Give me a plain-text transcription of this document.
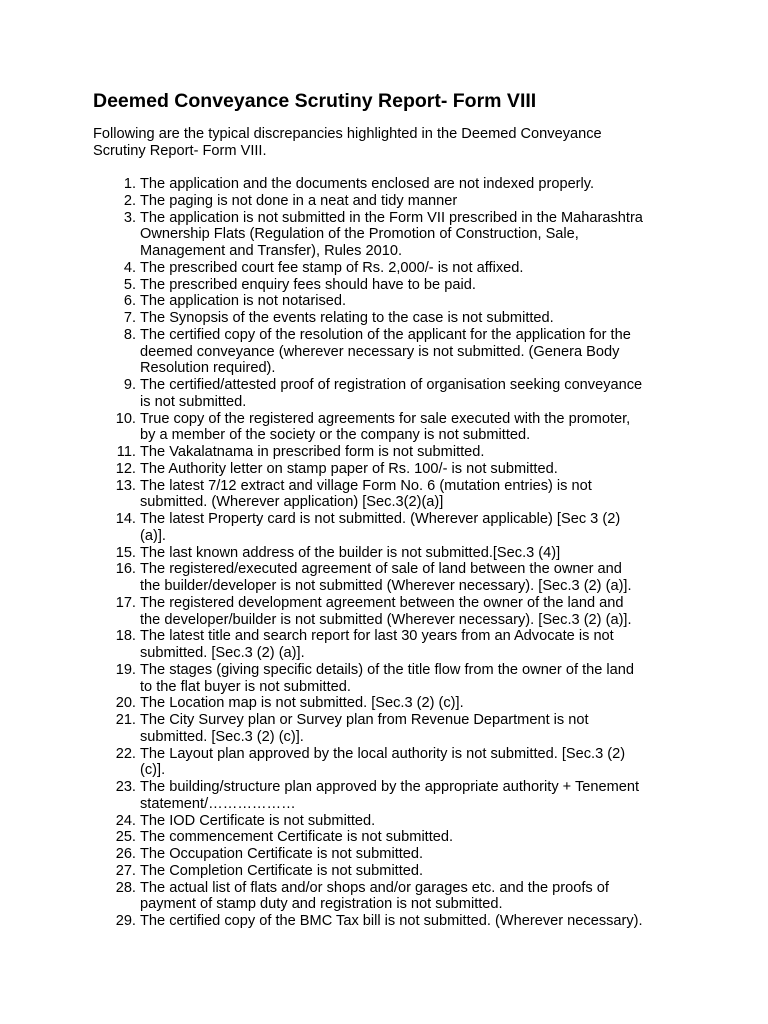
Deemed Conveyance Scrutiny Report- Form VIII

Following are the typical discrepancies highlighted in the Deemed Conveyance
Scrutiny Report- Form VIII.

1. The application and the documents enclosed are not indexed properly.
2. The paging is not done in a neat and tidy manner
3. The application is not submitted in the Form VII prescribed in the Maharashtra
Ownership Flats (Regulation of the Promotion of Construction, Sale,
Management and Transfer), Rules 2010.
4. The prescribed court fee stamp of Rs. 2,000/- is not affixed.
5. The prescribed enquiry fees should have to be paid.
6. The application is not notarised.
7. The Synopsis of the events relating to the case is not submitted.
8. The certified copy of the resolution of the applicant for the application for the
deemed conveyance (wherever necessary is not submitted. (Genera Body
Resolution required).
9. The certified/attested proof of registration of organisation seeking conveyance
is not submitted.
10. True copy of the registered agreements for sale executed with the promoter,
by a member of the society or the company is not submitted.
11. The Vakalatnama in prescribed form is not submitted.
12. The Authority letter on stamp paper of Rs. 100/- is not submitted.
13. The latest 7/12 extract and village Form No. 6 (mutation entries) is not
submitted. (Wherever application) [Sec.3(2)(a)]
14. The latest Property card is not submitted. (Wherever applicable) [Sec 3 (2)
(a)].
15. The last known address of the builder is not submitted.[Sec.3 (4)]
16. The registered/executed agreement of sale of land between the owner and
the builder/developer is not submitted (Wherever necessary). [Sec.3 (2) (a)].
17. The registered development agreement between the owner of the land and
the developer/builder is not submitted (Wherever necessary). [Sec.3 (2) (a)].
18. The latest title and search report for last 30 years from an Advocate is not
submitted. [Sec.3 (2) (a)].
19. The stages (giving specific details) of the title flow from the owner of the land
to the flat buyer is not submitted.
20. The Location map is not submitted. [Sec.3 (2) (c)].
21. The City Survey plan or Survey plan from Revenue Department is not
submitted. [Sec.3 (2) (c)].
22. The Layout plan approved by the local authority is not submitted. [Sec.3 (2)
(c)].
23. The building/structure plan approved by the appropriate authority + Tenement
statement/………………
24. The IOD Certificate is not submitted.
25. The commencement Certificate is not submitted.
26. The Occupation Certificate is not submitted.
27. The Completion Certificate is not submitted.
28. The actual list of flats and/or shops and/or garages etc. and the proofs of
payment of stamp duty and registration is not submitted.
29. The certified copy of the BMC Tax bill is not submitted. (Wherever necessary).
